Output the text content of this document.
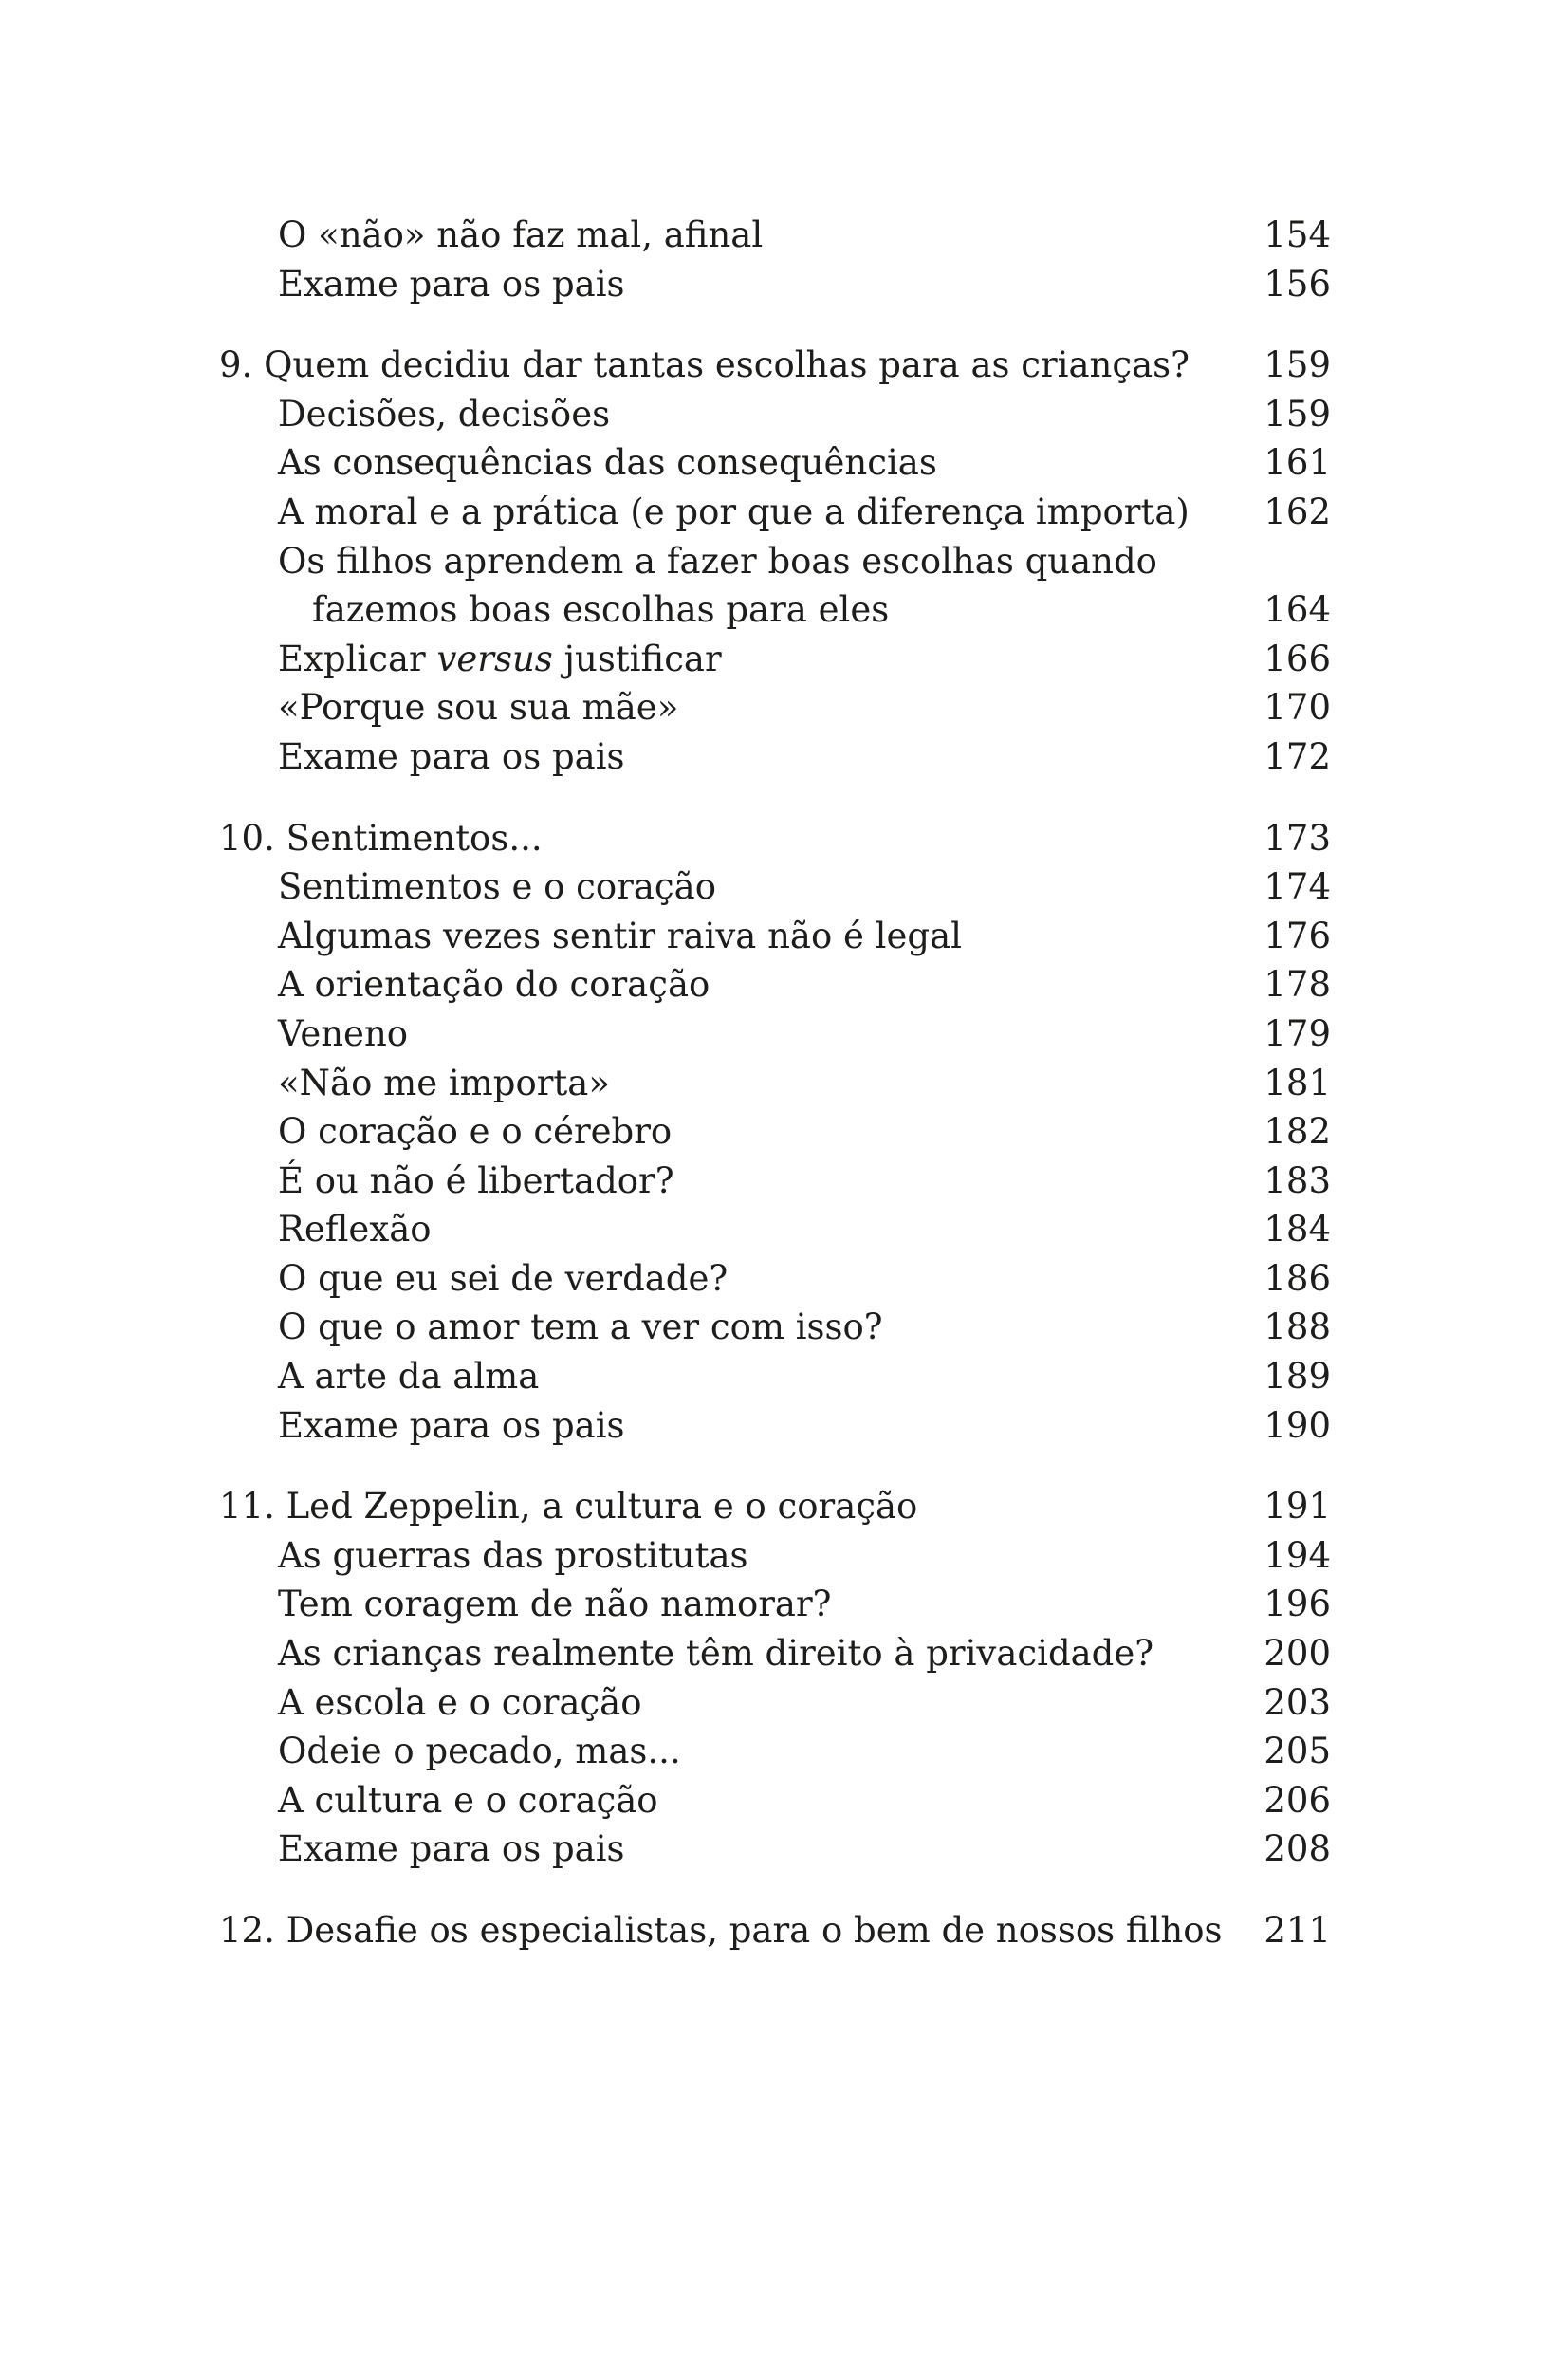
O «não» não faz mal, afinal	154
Exame para os pais	156
9. Quem decidiu dar tantas escolhas para as crianças? 159
Decisões, decisões	159
As consequências das consequências	161
A moral e a prática (e por que a diferença importa) 162
Os filhos aprendem a fazer boas escolhas quando
fazemos boas escolhas para eles	164
Explicar versus justificar	166
«Porque sou sua mãe»	170
Exame para os pais	172
10. Sentimentos...	173
Sentimentos e o coração	174
Algumas vezes sentir raiva não é legal	176
A orientação do coração	178
Veneno	179
«Não me importa»	181
O coração e o cérebro	182
É ou não é libertador?	183
Reflexão	184
O que eu sei de verdade?	186
O que o amor tem a ver com isso?	188
A arte da alma	189
Exame para os pais	190
11. Led Zeppelin, a cultura e o coração	191
As guerras das prostitutas	194
Tem coragem de não namorar?	196
As crianças realmente têm direito à privacidade?	200
A escola e o coração	203
Odeie o pecado, mas...	205
A cultura e o coração	206
Exame para os pais	208
12. Desafie os especialistas, para o bem de nossos filhos 211
